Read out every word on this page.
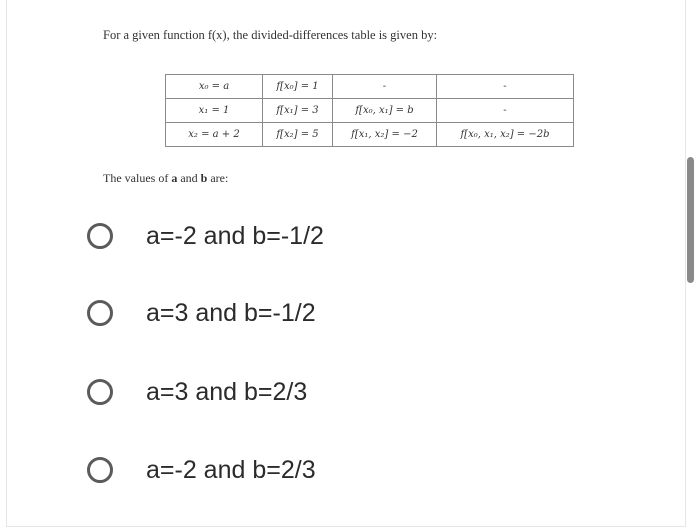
For a given function f(x), the divided-differences table is given by:
x₀ = a	f[x₀] = 1	-	-
x₁ = 1	f[x₁] = 3	f[x₀, x₁] = b	-
x₂ = a + 2	f[x₂] = 5	f[x₁, x₂] = −2	f[x₀, x₁, x₂] = −2b
The values of a and b are:
a=-2 and b=-1/2
a=3 and b=-1/2
a=3 and b=2/3
a=-2 and b=2/3
